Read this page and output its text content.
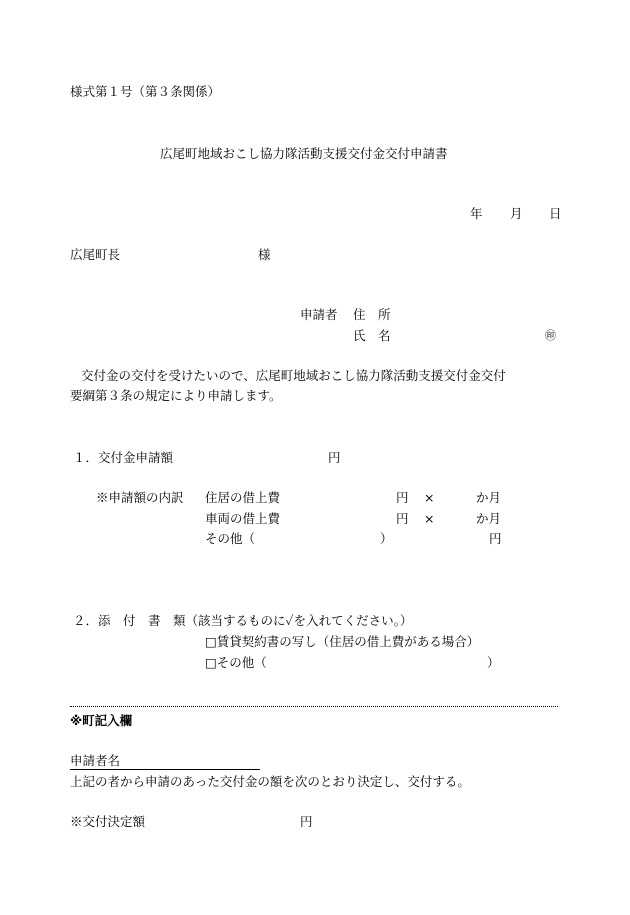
様式第１号（第３条関係）
広尾町地域おこし協力隊活動支援交付金交付申請書
年 月 日
広尾町長	様
申請者 住　所
氏　名	㊞
交付金の交付を受けたいので、広尾町地域おこし協力隊活動支援交付金交付
要綱第３条の規定により申請します。
１．交付金申請額	円
※申請額の内訳 住居の借上費	円 ×	か月
車両の借上費	円 ×	か月
その他（	）	円
２．添　付　書　類（該当するものに✓を入れてください。）
□賃貸契約書の写し（住居の借上費がある場合）
□その他（	）
※町記入欄
申請者名
上記の者から申請のあった交付金の額を次のとおり決定し、交付する。
※交付決定額	円
